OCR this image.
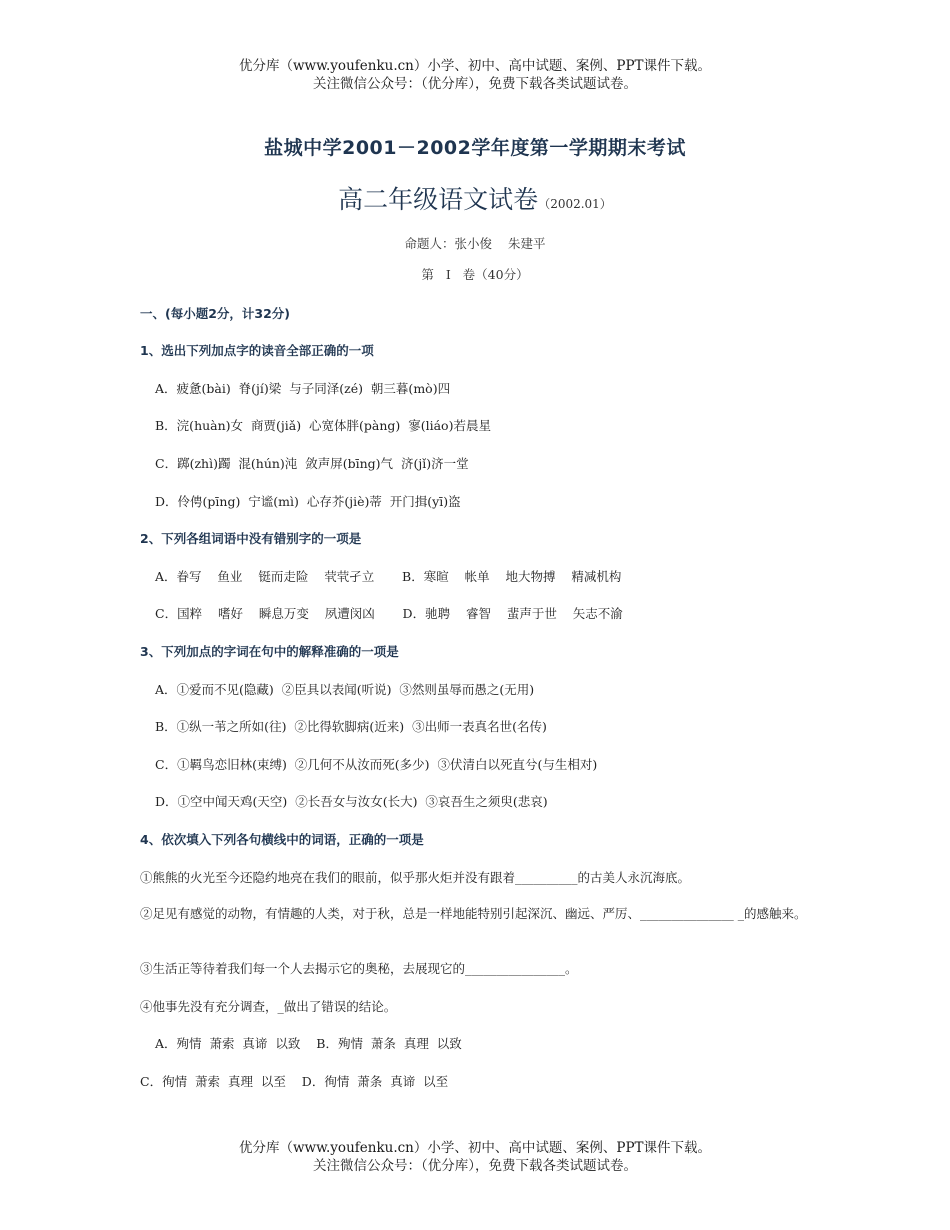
优分库（www.youfenku.cn）小学、初中、高中试题、案例、PPT课件下载。
关注微信公众号：（优分库），免费下载各类试题试卷。
盐城中学2001－2002学年度第一学期期末考试
高二年级语文试卷（2002.01）
命题人：张小俊    朱建平
第   Ⅰ   卷（40分）
一、(每小题2分，计32分)
1、选出下列加点字的读音全部正确的一项
A．疲惫(bài)  脊(jí)梁  与子同泽(zé)  朝三暮(mò)四
B．浣(huàn)女  商贾(jiǎ)  心宽体胖(pàng)  寥(liáo)若晨星
C．踯(zhì)躅  混(hún)沌  敛声屏(bīng)气  济(jǐ)济一堂
D．伶俜(pīng)  宁谧(mì)  心存芥(jiè)蒂  开门揖(yī)盗
2、下列各组词语中没有错别字的一项是
A．眷写    鱼业    铤而走险    茕茕孑立       B．寒暄    帐单    地大物搏    精减机构
C．国粹    嗜好    瞬息万变    夙遭闵凶       D．驰聘    睿智    蜚声于世    矢志不渝
3、下列加点的字词在句中的解释准确的一项是
A．①爱而不见(隐藏)  ②臣具以表闻(听说)  ③然则虽辱而愚之(无用)
B．①纵一苇之所如(往)  ②比得软脚病(近来)  ③出师一表真名世(名传)
C．①羁鸟恋旧林(束缚)  ②几何不从汝而死(多少)  ③伏清白以死直兮(与生相对)
D．①空中闻天鸡(天空)  ②长吾女与汝女(长大)  ③哀吾生之须臾(悲哀)
4、依次填入下列各句横线中的词语，正确的一项是
①熊熊的火光至今还隐约地亮在我们的眼前，似乎那火炬并没有跟着__________的古美人永沉海底。
②足见有感觉的动物，有情趣的人类，对于秋，总是一样地能特别引起深沉、幽远、严厉、_______________ _的感触来。
③生活正等待着我们每一个人去揭示它的奥秘，去展现它的________________。
④他事先没有充分调查，_做出了错误的结论。
A．殉情  萧索  真谛  以致    B．殉情  萧条  真理  以致
C．徇情  萧索  真理  以至    D．徇情  萧条  真谛  以至
优分库（www.youfenku.cn）小学、初中、高中试题、案例、PPT课件下载。
关注微信公众号：（优分库），免费下载各类试题试卷。
